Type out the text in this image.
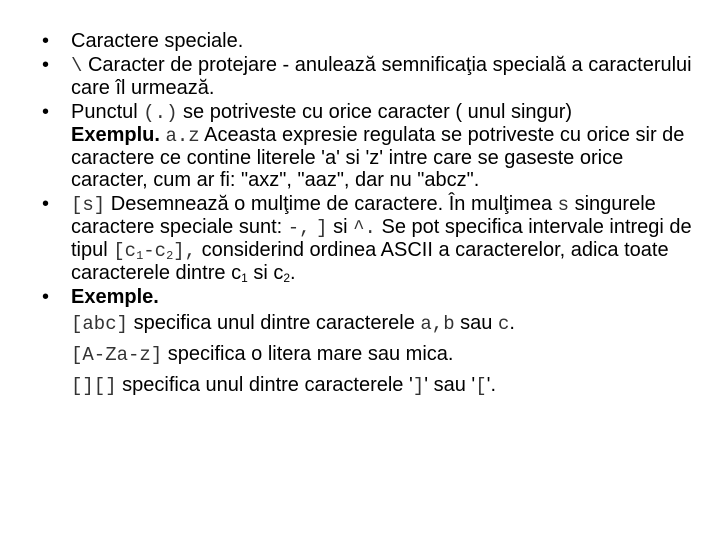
• Caractere speciale.
• \ Caracter de protejare - anulează semnificaţia specială a caracterului care îl urmează.
• Punctul (.) se potriveste cu orice caracter ( unul singur)
Exemplu. a.z Aceasta expresie regulata se potriveste cu orice sir de caractere ce contine literele 'a' si 'z' intre care se gaseste orice caracter, cum ar fi: "axz", "aaz", dar nu "abcz".
• [s] Desemnează o mulţime de caractere. În mulţimea s singurele caractere speciale sunt: -, ] si ^. Se pot specifica intervale intregi de tipul $[c_1-c_2]$, considerind ordinea ASCII a caracterelor, adica toate caracterele dintre $c_1$ si $c_2$.
• Exemple.
[abc] specifica unul dintre caracterele a,b sau c.
[A-Za-z] specifica o litera mare sau mica.
[][] specifica unul dintre caracterele ']' sau '['.
